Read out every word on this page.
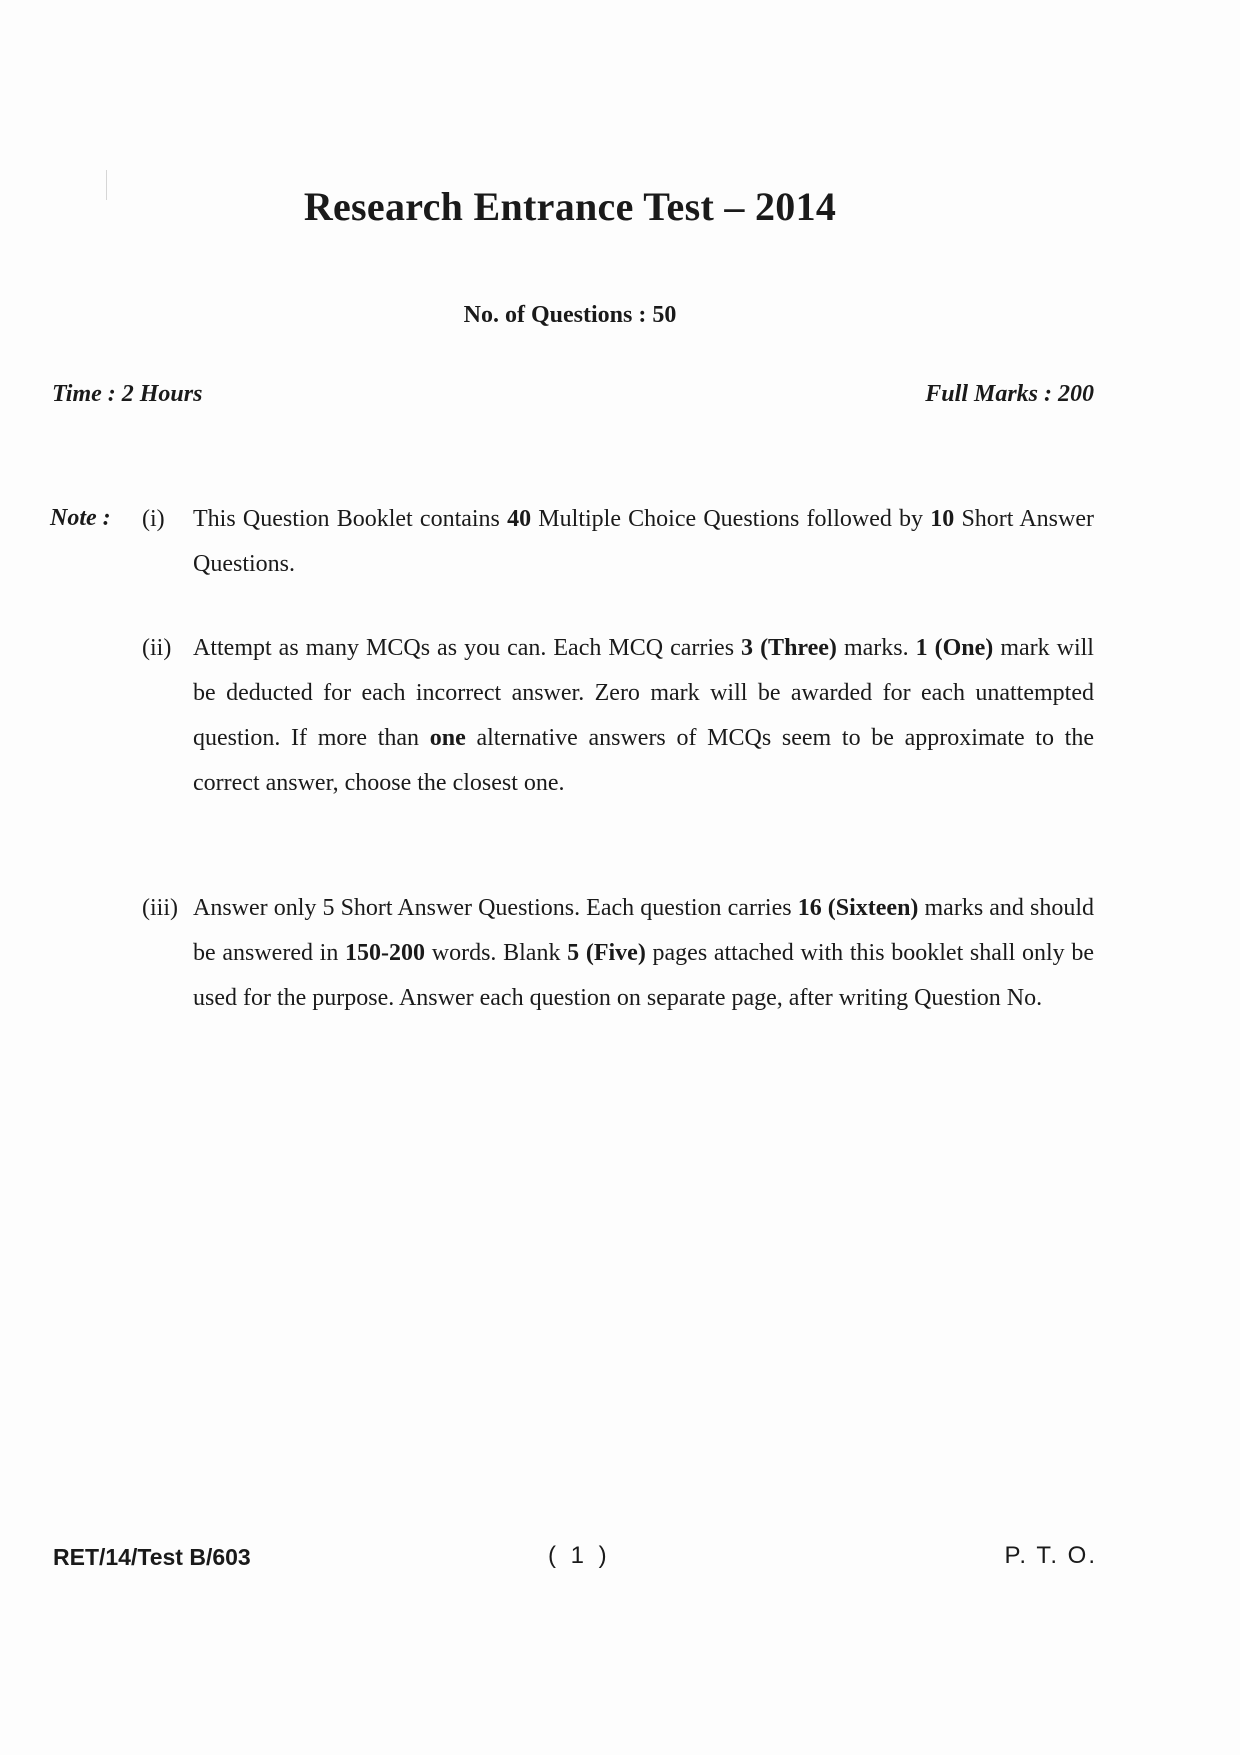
Research Entrance Test – 2014
No. of Questions : 50
Time : 2 Hours	Full Marks : 200
Note : (i) This Question Booklet contains 40 Multiple Choice Questions followed by 10 Short Answer Questions.
(ii) Attempt as many MCQs as you can. Each MCQ carries 3 (Three) marks. 1 (One) mark will be deducted for each incorrect answer. Zero mark will be awarded for each unattempted question. If more than one alternative answers of MCQs seem to be approximate to the correct answer, choose the closest one.
(iii) Answer only 5 Short Answer Questions. Each question carries 16 (Sixteen) marks and should be answered in 150-200 words. Blank 5 (Five) pages attached with this booklet shall only be used for the purpose. Answer each question on separate page, after writing Question No.
RET/14/Test B/603	( 1 )	P. T. O.
